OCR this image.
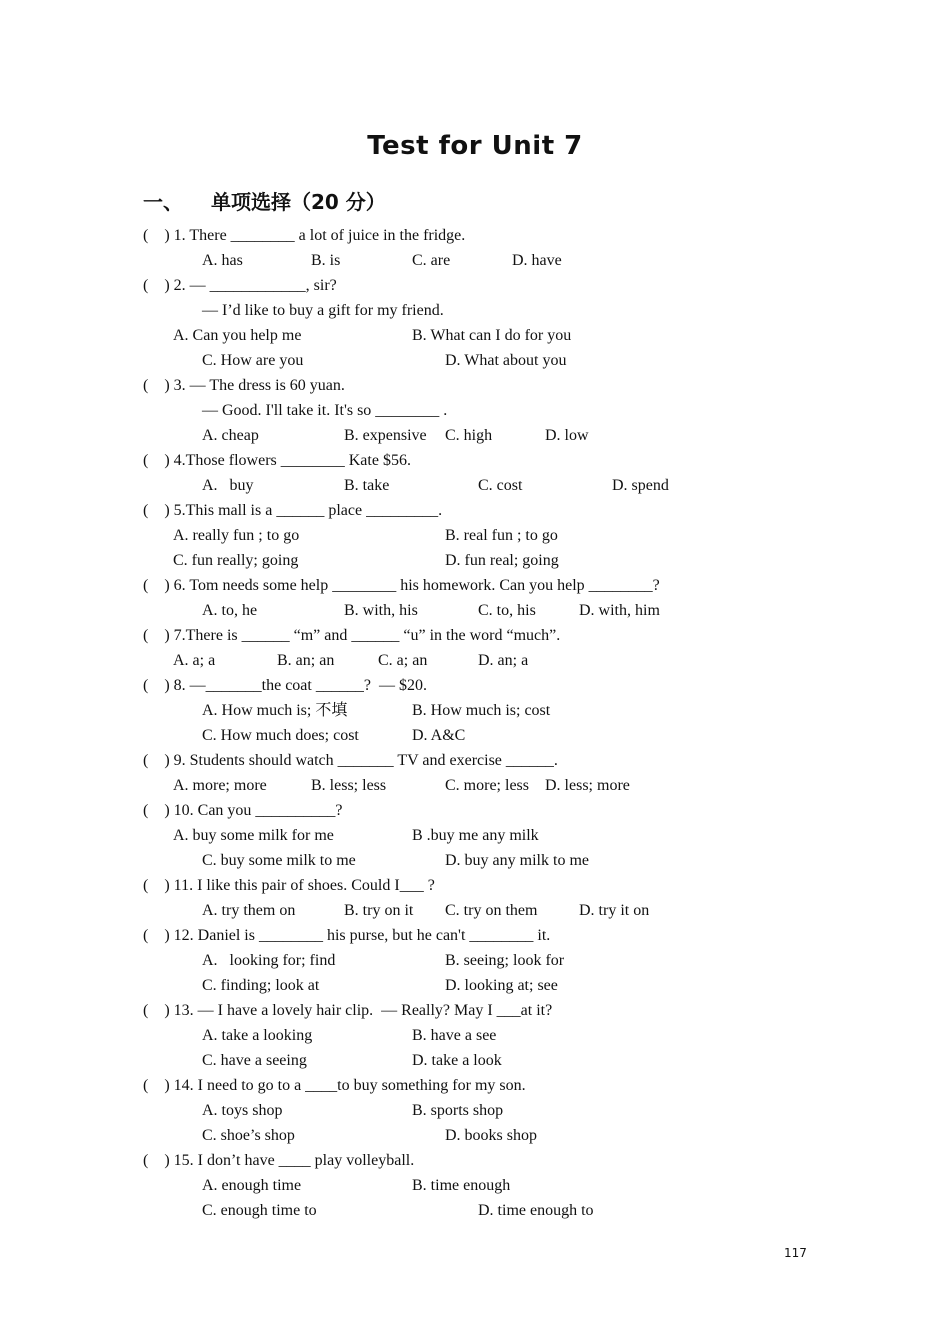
Test for Unit 7
一、 单项选择（20 分）
(    ) 1. There ________ a lot of juice in the fridge.
A. has	B. is	C. are	D. have
(    ) 2. — ____________, sir?
— I’d like to buy a gift for my friend.
A. Can you help me	B. What can I do for you
C. How are you	D. What about you
(    ) 3. — The dress is 60 yuan.
— Good. I'll take it. It's so ________ .
A. cheap	B. expensive C. high	D. low
(    ) 4.Those flowers ________ Kate $56.
A.   buy	B. take	C. cost	D. spend
(    ) 5.This mall is a ______ place _________.
A. really fun ; to go	B. real fun ; to go
C. fun really; going	D. fun real; going
(    ) 6. Tom needs some help ________ his homework. Can you help ________?
A. to, he	B. with, his	C. to, his	D. with, him
(    ) 7.There is ______ “m” and ______ “u” in the word “much”.
A. a; a	B. an; an	C. a; an	D. an; a
(    ) 8. —_______the coat ______?  — $20.
A. How much is; 不填	B. How much is; cost
C. How much does; cost	D. A&C
(    ) 9. Students should watch _______ TV and exercise ______.
A. more; more	B. less; less	C. more; less D. less; more
(    ) 10. Can you __________?
A. buy some milk for me	B .buy me any milk
C. buy some milk to me	D. buy any milk to me
(    ) 11. I like this pair of shoes. Could I___ ?
A. try them on	B. try on it C. try on them	D. try it on
(    ) 12. Daniel is ________ his purse, but he can't ________ it.
A.   looking for; find	B. seeing; look for
C. finding; look at	D. looking at; see
(    ) 13. — I have a lovely hair clip.  — Really? May I ___at it?
A. take a looking	B. have a see
C. have a seeing	D. take a look
(    ) 14. I need to go to a ____to buy something for my son.
A. toys shop	B. sports shop
C. shoe’s shop	D. books shop
(    ) 15. I don’t have ____ play volleyball.
A. enough time	B. time enough
C. enough time to	D. time enough to
117
